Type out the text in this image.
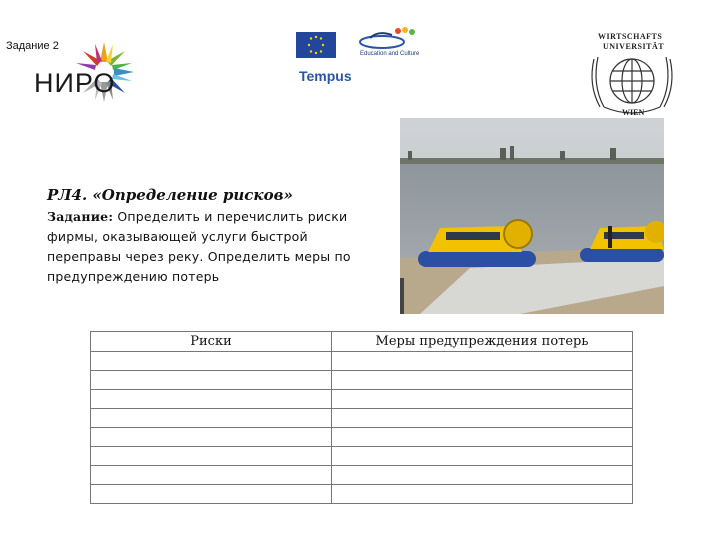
Задание 2
НИРО
Education and Culture
Tempus
WIRTSCHAFTS
UNIVERSITÄT
WIEN
РЛ4. «Определение рисков»
Задание: Определить и перечислить риски фирмы, оказывающей услуги быстрой переправы через реку. Определить меры по предупреждению потерь
Риски	Меры предупреждения потерь
